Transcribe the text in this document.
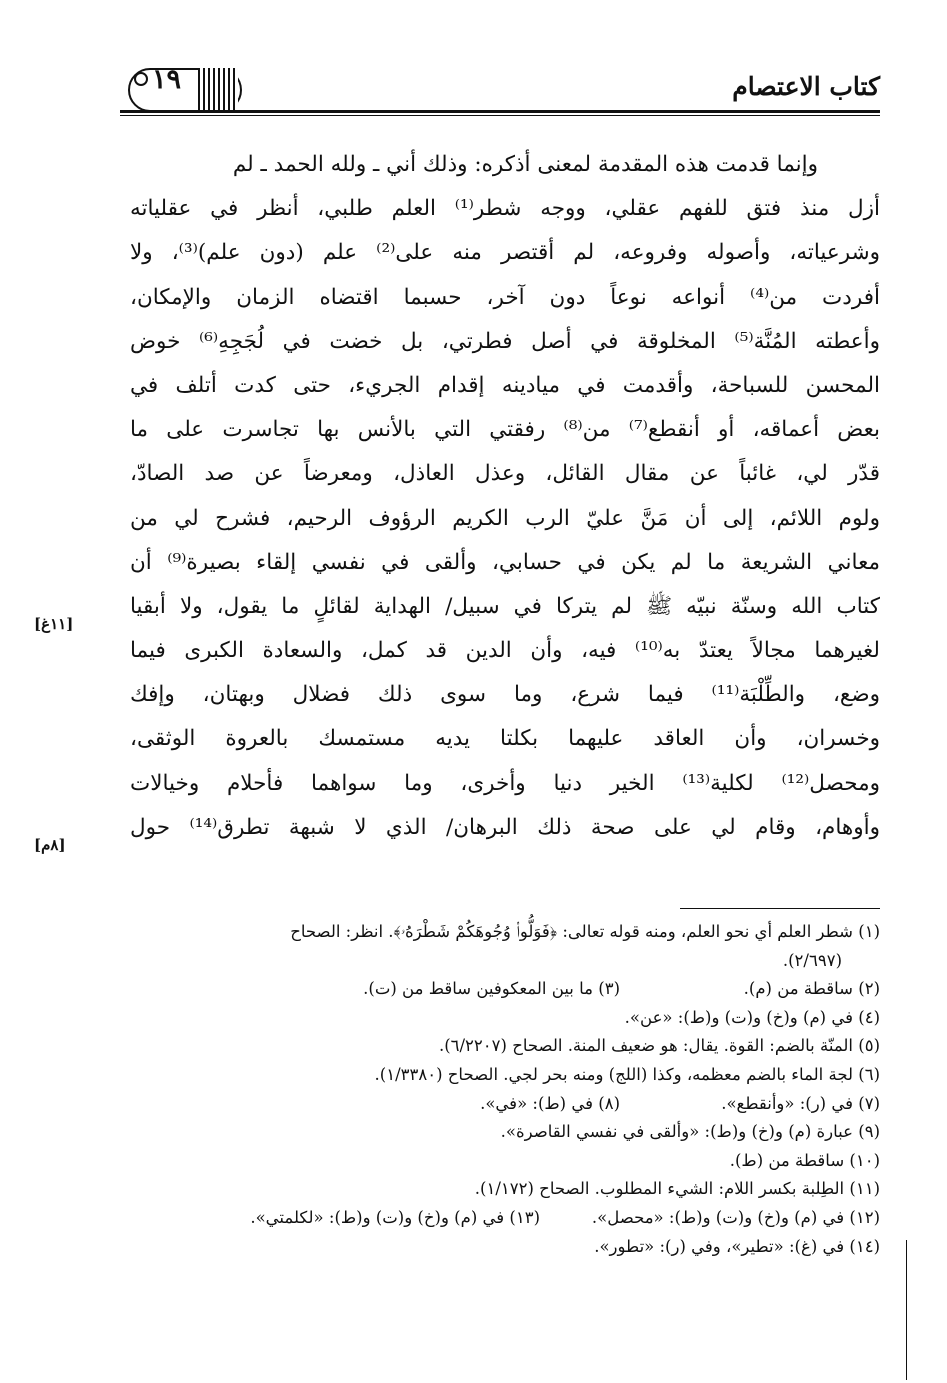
١٩	كتاب الاعتصام
وإنما قدمت هذه المقدمة لمعنى أذكره: وذلك أني ـ ولله الحمد ـ لم
أزل منذ فتق للفهم عقلي، ووجه شطر⁽¹⁾ العلم طلبي، أنظر في عقلياته
وشرعياته، وأصوله وفروعه، لم أقتصر منه على⁽²⁾ علم (دون علم)⁽³⁾، ولا
أفردت من⁽⁴⁾ أنواعه نوعاً دون آخر، حسبما اقتضاه الزمان والإمكان،
وأعطته المُنَّة⁽⁵⁾ المخلوقة في أصل فطرتي، بل خضت في لُجَجِهِ⁽⁶⁾ خوض
المحسن للسباحة، وأقدمت في ميادينه إقدام الجريء، حتى كدت أتلف في
بعض أعماقه، أو أنقطع⁽⁷⁾ من⁽⁸⁾ رفقتي التي بالأنس بها تجاسرت على ما
قدّر لي، غائباً عن مقال القائل، وعذل العاذل، ومعرضاً عن صد الصادّ،
ولوم اللائم، إلى أن مَنَّ عليّ الرب الكريم الرؤوف الرحيم، فشرح لي من
معاني الشريعة ما لم يكن في حسابي، وألقى في نفسي إلقاء بصيرة⁽⁹⁾ أن
كتاب الله وسنّة نبيّه ﷺ لم يتركا في سبيل/ الهداية لقائلٍ ما يقول، ولا أبقيا
لغيرهما مجالاً يعتدّ به⁽¹⁰⁾ فيه، وأن الدين قد كمل، والسعادة الكبرى فيما
وضع، والطِّلْبَة⁽¹¹⁾ فيما شرع، وما سوى ذلك فضلال وبهتان، وإفك
وخسران، وأن العاقد عليهما بكلتا يديه مستمسك بالعروة الوثقى،
ومحصل⁽¹²⁾ لكلية⁽¹³⁾ الخير دنيا وأخرى، وما سواهما فأحلام وخيالات
وأوهام، وقام لي على صحة ذلك البرهان/ الذي لا شبهة تطرق⁽¹⁴⁾ حول
[١١غ]
[٨م]
(١) شطر العلم أي نحو العلم، ومنه قوله تعالى: ﴿فَوَلُّوا۟ وُجُوهَكُمْ شَطْرَهُۥ﴾. انظر: الصحاح
(٢/٦٩٧).
(٢) ساقطة من (م).
(٣) ما بين المعكوفين ساقط من (ت).
(٤) في (م) و(خ) و(ت) و(ط): «عن».
(٥) المنّة بالضم: القوة. يقال: هو ضعيف المنة. الصحاح (٦/٢٢٠٧).
(٦) لجة الماء بالضم معظمه، وكذا (اللج) ومنه بحر لجي. الصحاح (١/٣٣٨٠).
(٧) في (ر): «وأنقطع».
(٨) في (ط): «في».
(٩) عبارة (م) و(خ) و(ط): «وألقى في نفسي القاصرة».
(١٠) ساقطة من (ط).
(١١) الطِلبة بكسر اللام: الشيء المطلوب. الصحاح (١/١٧٢).
(١٢) في (م) و(خ) و(ت) و(ط): «محصل».
(١٣) في (م) و(خ) و(ت) و(ط): «لكلمتي».
(١٤) في (غ): «تطير»، وفي (ر): «تطور».
